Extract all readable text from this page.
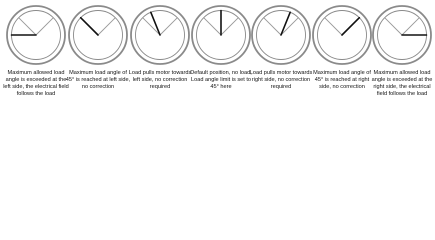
Maximum allowed load angle is exceeded at the left side, the electrical field follows the load

Maximum load angle of 45° is reached at left side, no correction

Load pulls motor towards left side, no correction required

Default position, no load, Load angle limit is set to 45° here

Load pulls motor towards right side, no correction required

Maximum load angle of 45° is reached at right side, no correction

Maximum allowed load angle is exceeded at the right side, the electrical field follows the load
